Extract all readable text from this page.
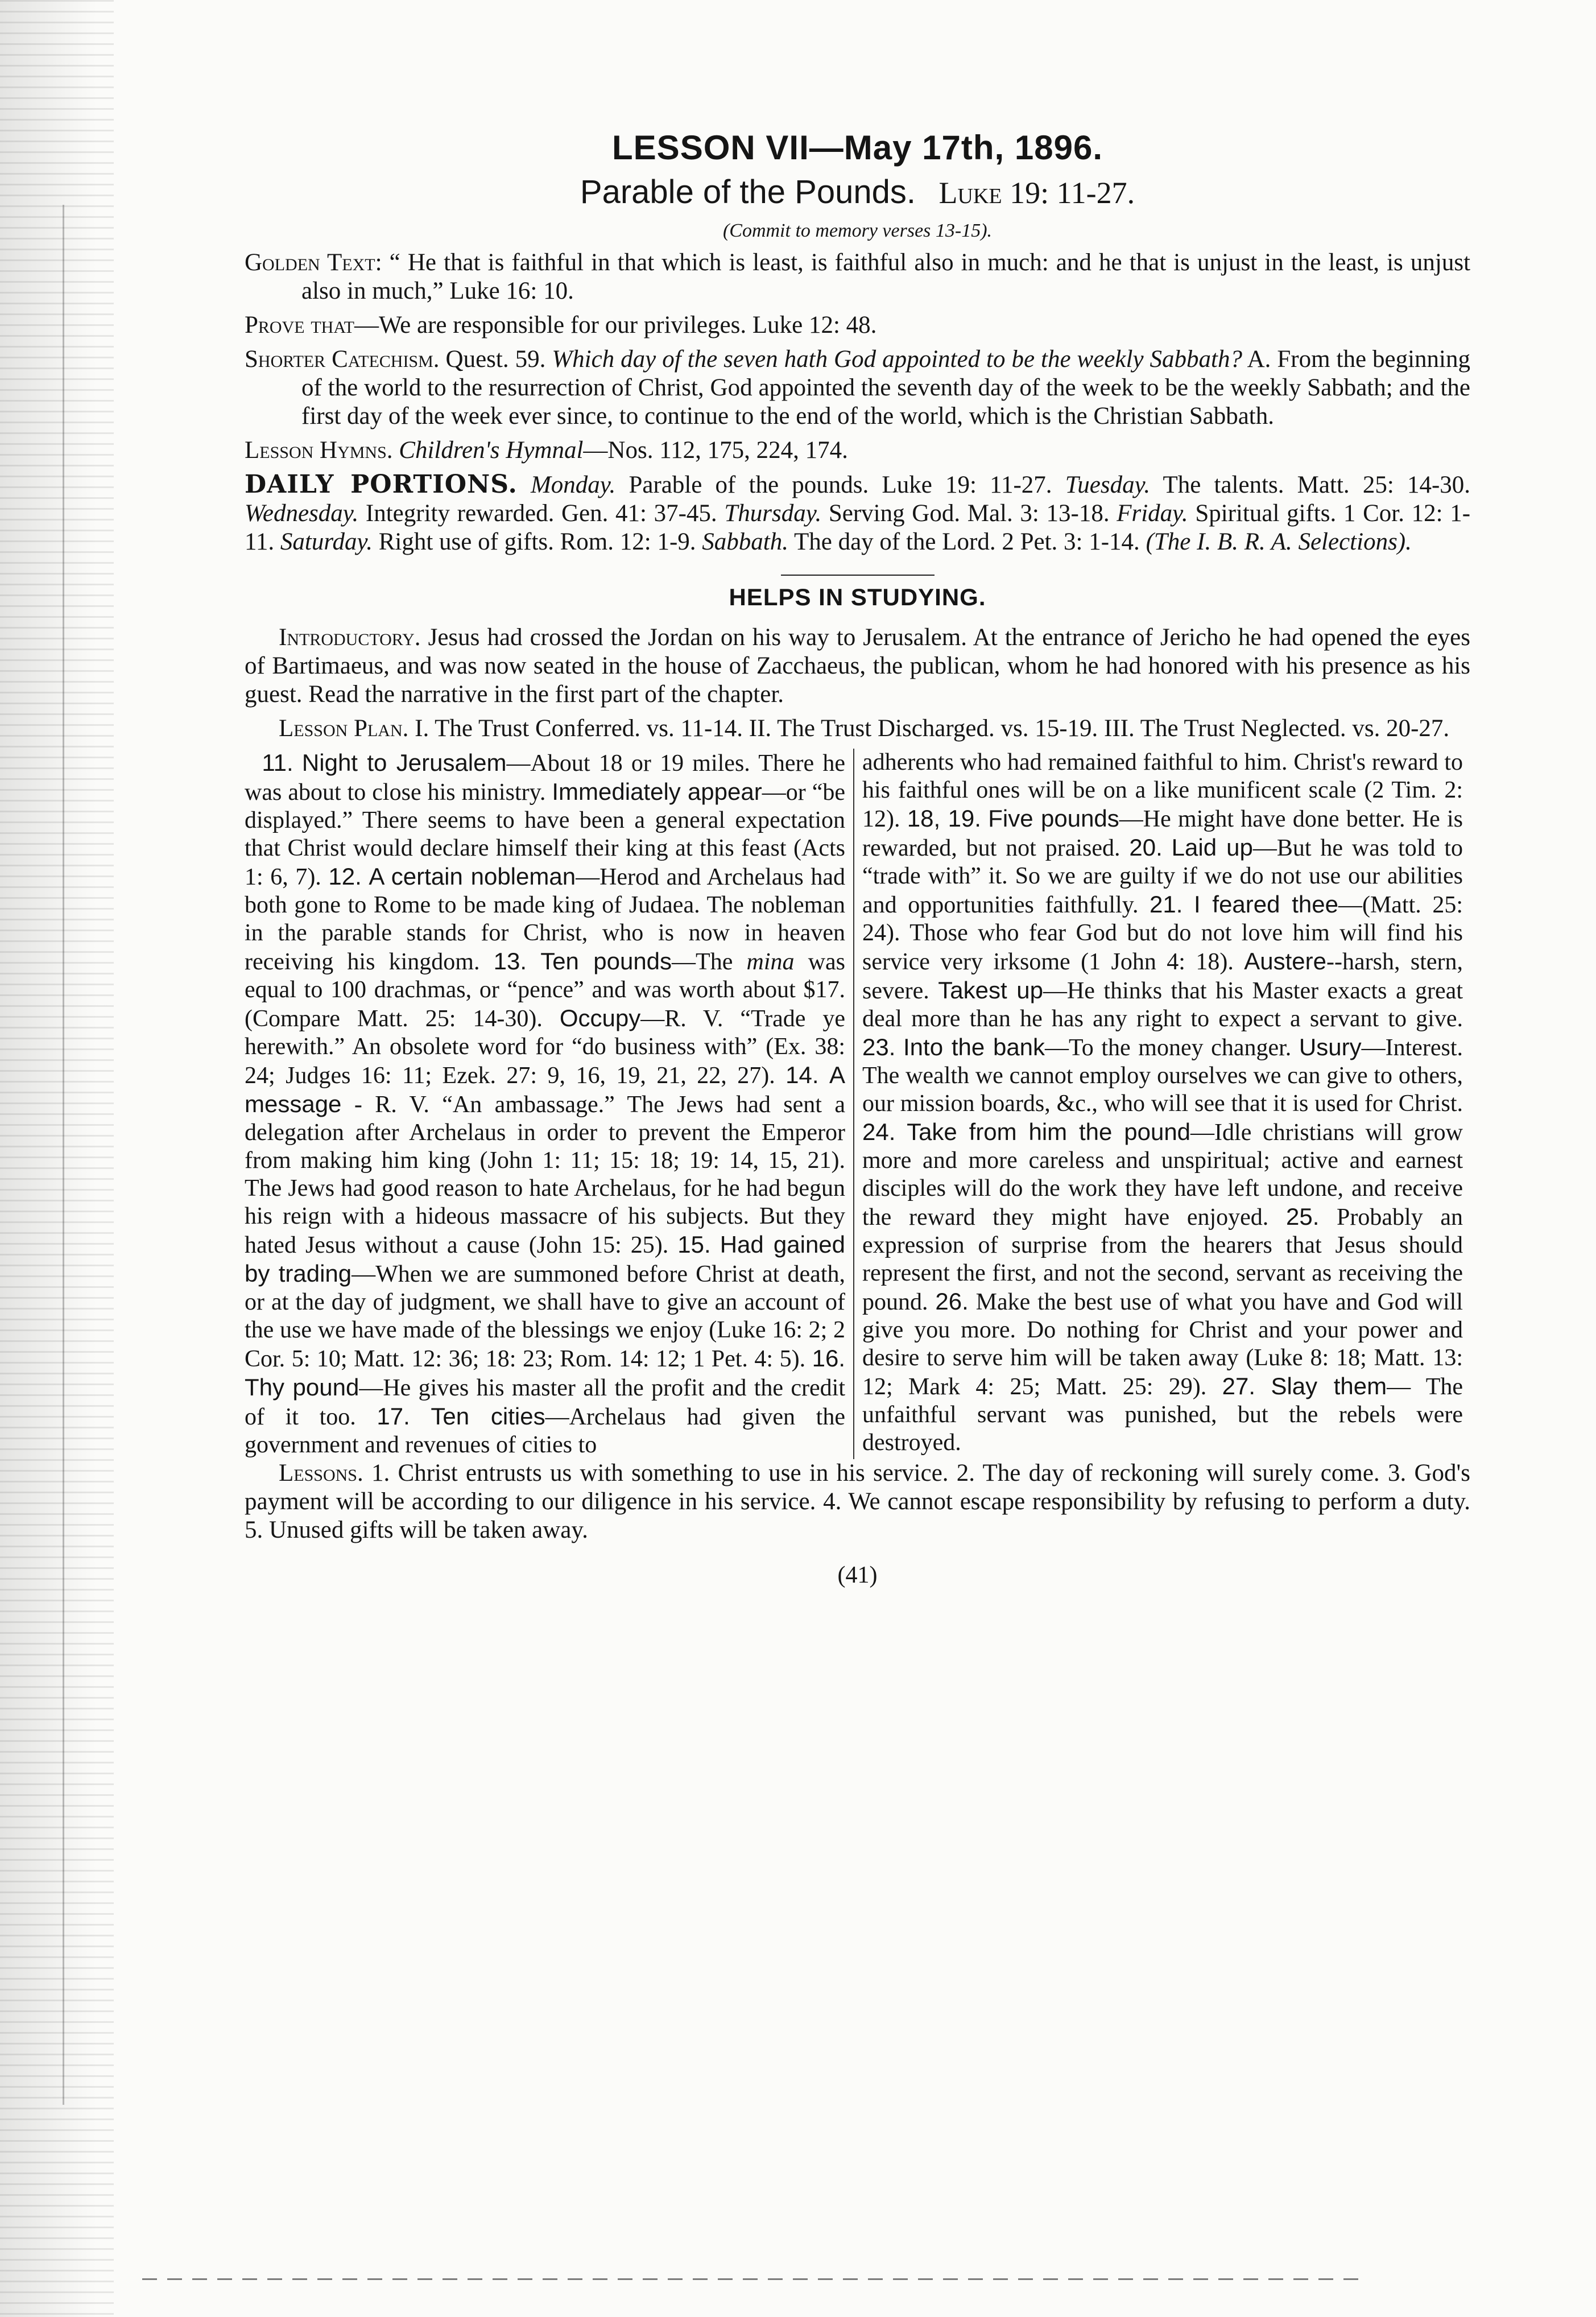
LESSON VII—May 17th, 1896.
Parable of the Pounds. Luke 19: 11-27.
(Commit to memory verses 13-15).

Golden Text: “ He that is faithful in that which is least, is faithful also in much: and he that is unjust in the least, is unjust also in much,” Luke 16: 10.

Prove that—We are responsible for our privileges. Luke 12: 48.

Shorter Catechism. Quest. 59. Which day of the seven hath God appointed to be the weekly Sabbath? A. From the beginning of the world to the resurrection of Christ, God appointed the seventh day of the week to be the weekly Sabbath; and the first day of the week ever since, to continue to the end of the world, which is the Christian Sabbath.

Lesson Hymns. Children's Hymnal—Nos. 112, 175, 224, 174.

DAILY PORTIONS. Monday. Parable of the pounds. Luke 19: 11-27. Tuesday. The talents. Matt. 25: 14-30. Wednesday. Integrity rewarded. Gen. 41: 37-45. Thursday. Serving God. Mal. 3: 13-18. Friday. Spiritual gifts. 1 Cor. 12: 1-11. Saturday. Right use of gifts. Rom. 12: 1-9. Sabbath. The day of the Lord. 2 Pet. 3: 1-14. (The I. B. R. A. Selections).

HELPS IN STUDYING.

Introductory. Jesus had crossed the Jordan on his way to Jerusalem. At the entrance of Jericho he had opened the eyes of Bartimaeus, and was now seated in the house of Zacchaeus, the publican, whom he had honored with his presence as his guest. Read the narrative in the first part of the chapter.

Lesson Plan. I. The Trust Conferred. vs. 11-14. II. The Trust Discharged. vs. 15-19. III. The Trust Neglected. vs. 20-27.

11. Night to Jerusalem—About 18 or 19 miles. There he was about to close his ministry. Immediately appear—or “be displayed.” There seems to have been a general expectation that Christ would declare himself their king at this feast (Acts 1: 6, 7). 12. A certain nobleman—Herod and Archelaus had both gone to Rome to be made king of Judaea. The nobleman in the parable stands for Christ, who is now in heaven receiving his kingdom. 13. Ten pounds—The mina was equal to 100 drachmas, or “pence” and was worth about $17. (Compare Matt. 25: 14-30). Occupy—R. V. “Trade ye herewith.” An obsolete word for “do business with” (Ex. 38: 24; Judges 16: 11; Ezek. 27: 9, 16, 19, 21, 22, 27). 14. A message - R. V. “An ambassage.” The Jews had sent a delegation after Archelaus in order to prevent the Emperor from making him king (John 1: 11; 15: 18; 19: 14, 15, 21). The Jews had good reason to hate Archelaus, for he had begun his reign with a hideous massacre of his subjects. But they hated Jesus without a cause (John 15: 25). 15. Had gained by trading—When we are summoned before Christ at death, or at the day of judgment, we shall have to give an account of the use we have made of the blessings we enjoy (Luke 16: 2; 2 Cor. 5: 10; Matt. 12: 36; 18: 23; Rom. 14: 12; 1 Pet. 4: 5). 16. Thy pound—He gives his master all the profit and the credit of it too. 17. Ten cities—Archelaus had given the government and revenues of cities to
adherents who had remained faithful to him. Christ's reward to his faithful ones will be on a like munificent scale (2 Tim. 2: 12). 18, 19. Five pounds—He might have done better. He is rewarded, but not praised. 20. Laid up—But he was told to “trade with” it. So we are guilty if we do not use our abilities and opportunities faithfully. 21. I feared thee—(Matt. 25: 24). Those who fear God but do not love him will find his service very irksome (1 John 4: 18). Austere--harsh, stern, severe. Takest up—He thinks that his Master exacts a great deal more than he has any right to expect a servant to give. 23. Into the bank—To the money changer. Usury—Interest. The wealth we cannot employ ourselves we can give to others, our mission boards, &c., who will see that it is used for Christ. 24. Take from him the pound—Idle christians will grow more and more careless and unspiritual; active and earnest disciples will do the work they have left undone, and receive the reward they might have enjoyed. 25. Probably an expression of surprise from the hearers that Jesus should represent the first, and not the second, servant as receiving the pound. 26. Make the best use of what you have and God will give you more. Do nothing for Christ and your power and desire to serve him will be taken away (Luke 8: 18; Matt. 13: 12; Mark 4: 25; Matt. 25: 29). 27. Slay them— The unfaithful servant was punished, but the rebels were destroyed.

Lessons. 1. Christ entrusts us with something to use in his service. 2. The day of reckoning will surely come. 3. God's payment will be according to our diligence in his service. 4. We cannot escape responsibility by refusing to perform a duty. 5. Unused gifts will be taken away.

(41)
